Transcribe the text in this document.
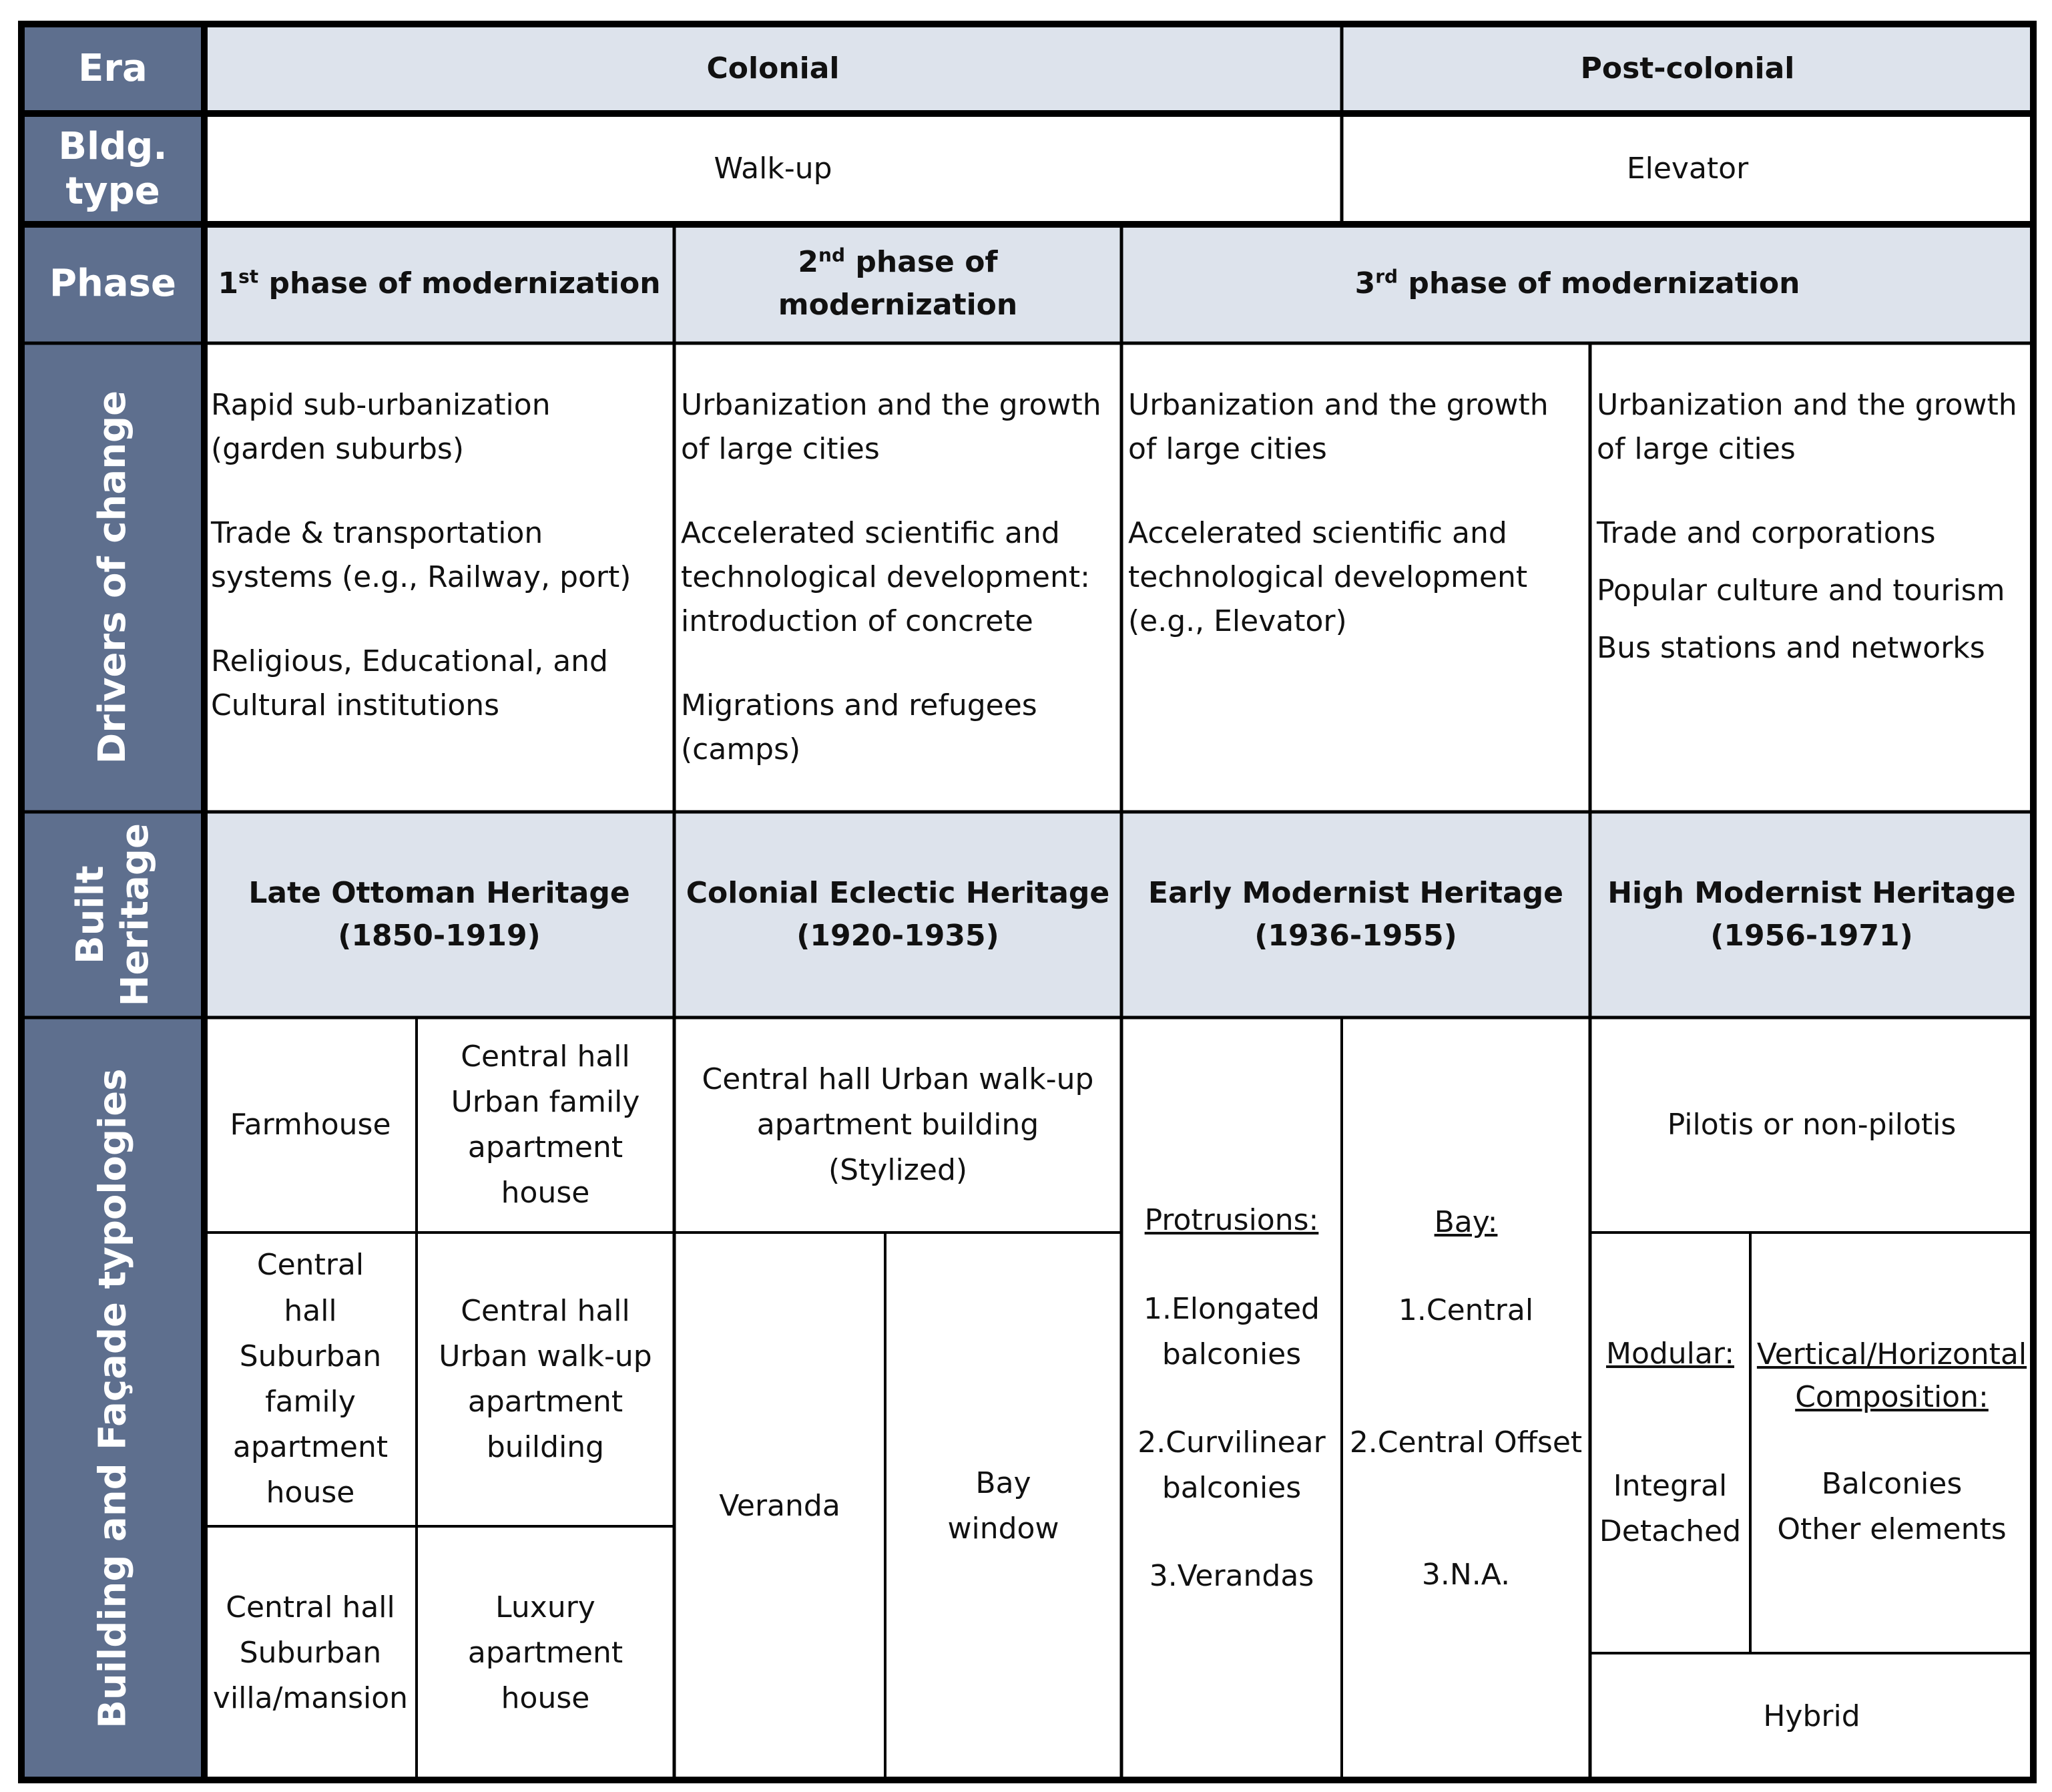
Era
Bldg.
type
Phase
Drivers of change
Built
Heritage
Building and Façade typologies
Colonial	Post-colonial
Walk-up	Elevator
1st phase of modernization
2nd phase of modernization
3rd phase of modernization
Rapid sub-urbanization (garden suburbs)
Trade & transportation systems (e.g., Railway, port)
Religious, Educational, and Cultural institutions
Urbanization and the growth of large cities
Accelerated scientific and technological development: introduction of concrete
Migrations and refugees (camps)
Urbanization and the growth of large cities
Accelerated scientific and technological development (e.g., Elevator)
Urbanization and the growth of large cities
Trade and corporations
Popular culture and tourism
Bus stations and networks
Late Ottoman Heritage
(1850-1919)
Colonial Eclectic Heritage
(1920-1935)
Early Modernist Heritage
(1936-1955)
High Modernist Heritage
(1956-1971)
Farmhouse
Central hall Urban family apartment house
Central hall Suburban family apartment house
Central hall Urban walk-up apartment building
Central hall Suburban villa/mansion
Luxury apartment house
Central hall Urban walk-up apartment building (Stylized)
Veranda
Bay window
Protrusions:
1.Elongated balconies
2.Curvilinear balconies
3.Verandas
Bay:
1.Central
2.Central Offset
3.N.A.
Pilotis or non-pilotis
Modular:
Integral
Detached
Vertical/Horizontal Composition:
Balconies
Other elements
Hybrid
